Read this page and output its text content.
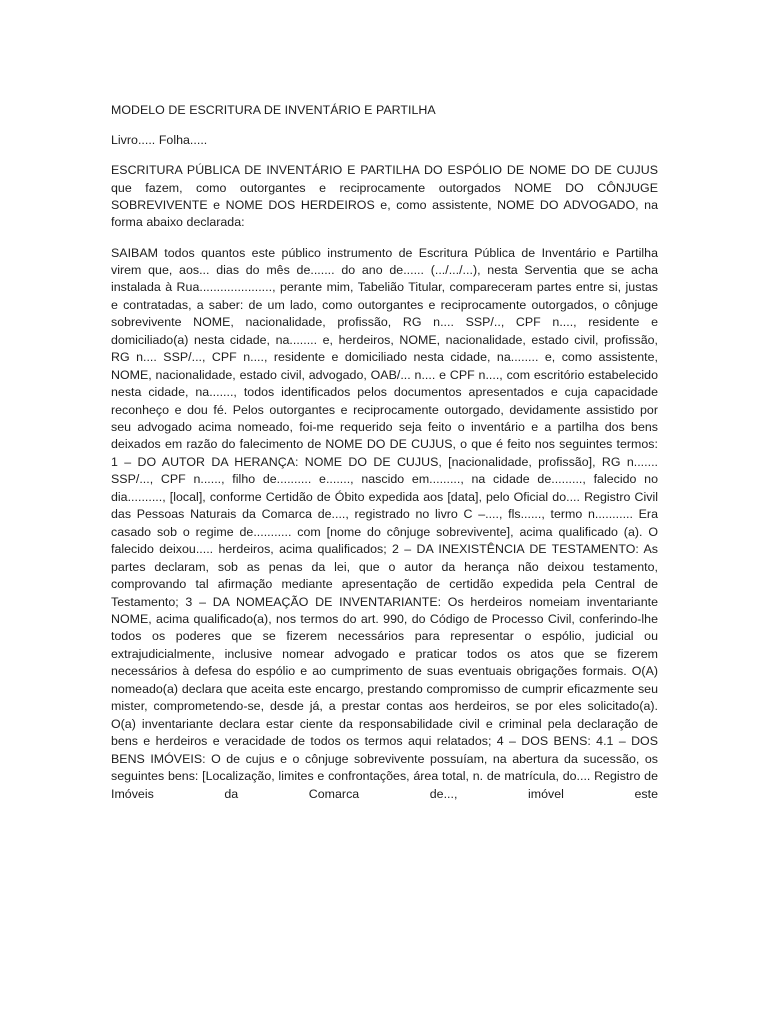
MODELO DE ESCRITURA DE INVENTÁRIO E PARTILHA

Livro..... Folha.....

ESCRITURA PÚBLICA DE INVENTÁRIO E PARTILHA DO ESPÓLIO DE NOME DO DE CUJUS que fazem, como outorgantes e reciprocamente outorgados NOME DO CÔNJUGE SOBREVIVENTE e NOME DOS HERDEIROS e, como assistente, NOME DO ADVOGADO, na forma abaixo declarada:

SAIBAM todos quantos este público instrumento de Escritura Pública de Inventário e Partilha virem que, aos... dias do mês de....... do ano de...... (.../.../...), nesta Serventia que se acha instalada à Rua....................., perante mim, Tabelião Titular, compareceram partes entre si, justas e contratadas, a saber: de um lado, como outorgantes e reciprocamente outorgados, o cônjuge sobrevivente NOME, nacionalidade, profissão, RG n.... SSP/.., CPF n...., residente e domiciliado(a) nesta cidade, na........ e, herdeiros, NOME, nacionalidade, estado civil, profissão, RG n.... SSP/..., CPF n...., residente e domiciliado nesta cidade, na........ e, como assistente, NOME, nacionalidade, estado civil, advogado, OAB/... n.... e CPF n...., com escritório estabelecido nesta cidade, na......., todos identificados pelos documentos apresentados e cuja capacidade reconheço e dou fé. Pelos outorgantes e reciprocamente outorgado, devidamente assistido por seu advogado acima nomeado, foi-me requerido seja feito o inventário e a partilha dos bens deixados em razão do falecimento de NOME DO DE CUJUS, o que é feito nos seguintes termos: 1 – DO AUTOR DA HERANÇA: NOME DO DE CUJUS, [nacionalidade, profissão], RG n....... SSP/..., CPF n......, filho de.......... e......., nascido em........., na cidade de........., falecido no dia.........., [local], conforme Certidão de Óbito expedida aos [data], pelo Oficial do.... Registro Civil das Pessoas Naturais da Comarca de...., registrado no livro C –...., fls......, termo n........... Era casado sob o regime de........... com [nome do cônjuge sobrevivente], acima qualificado (a). O falecido deixou..... herdeiros, acima qualificados; 2 – DA INEXISTÊNCIA DE TESTAMENTO: As partes declaram, sob as penas da lei, que o autor da herança não deixou testamento, comprovando tal afirmação mediante apresentação de certidão expedida pela Central de Testamento; 3 – DA NOMEAÇÃO DE INVENTARIANTE: Os herdeiros nomeiam inventariante NOME, acima qualificado(a), nos termos do art. 990, do Código de Processo Civil, conferindo-lhe todos os poderes que se fizerem necessários para representar o espólio, judicial ou extrajudicialmente, inclusive nomear advogado e praticar todos os atos que se fizerem necessários à defesa do espólio e ao cumprimento de suas eventuais obrigações formais. O(A) nomeado(a) declara que aceita este encargo, prestando compromisso de cumprir eficazmente seu mister, comprometendo-se, desde já, a prestar contas aos herdeiros, se por eles solicitado(a). O(a) inventariante declara estar ciente da responsabilidade civil e criminal pela declaração de bens e herdeiros e veracidade de todos os termos aqui relatados; 4 – DOS BENS: 4.1 – DOS BENS IMÓVEIS: O de cujus e o cônjuge sobrevivente possuíam, na abertura da sucessão, os seguintes bens: [Localização, limites e confrontações, área total, n. de matrícula, do.... Registro de Imóveis da Comarca de..., imóvel este
